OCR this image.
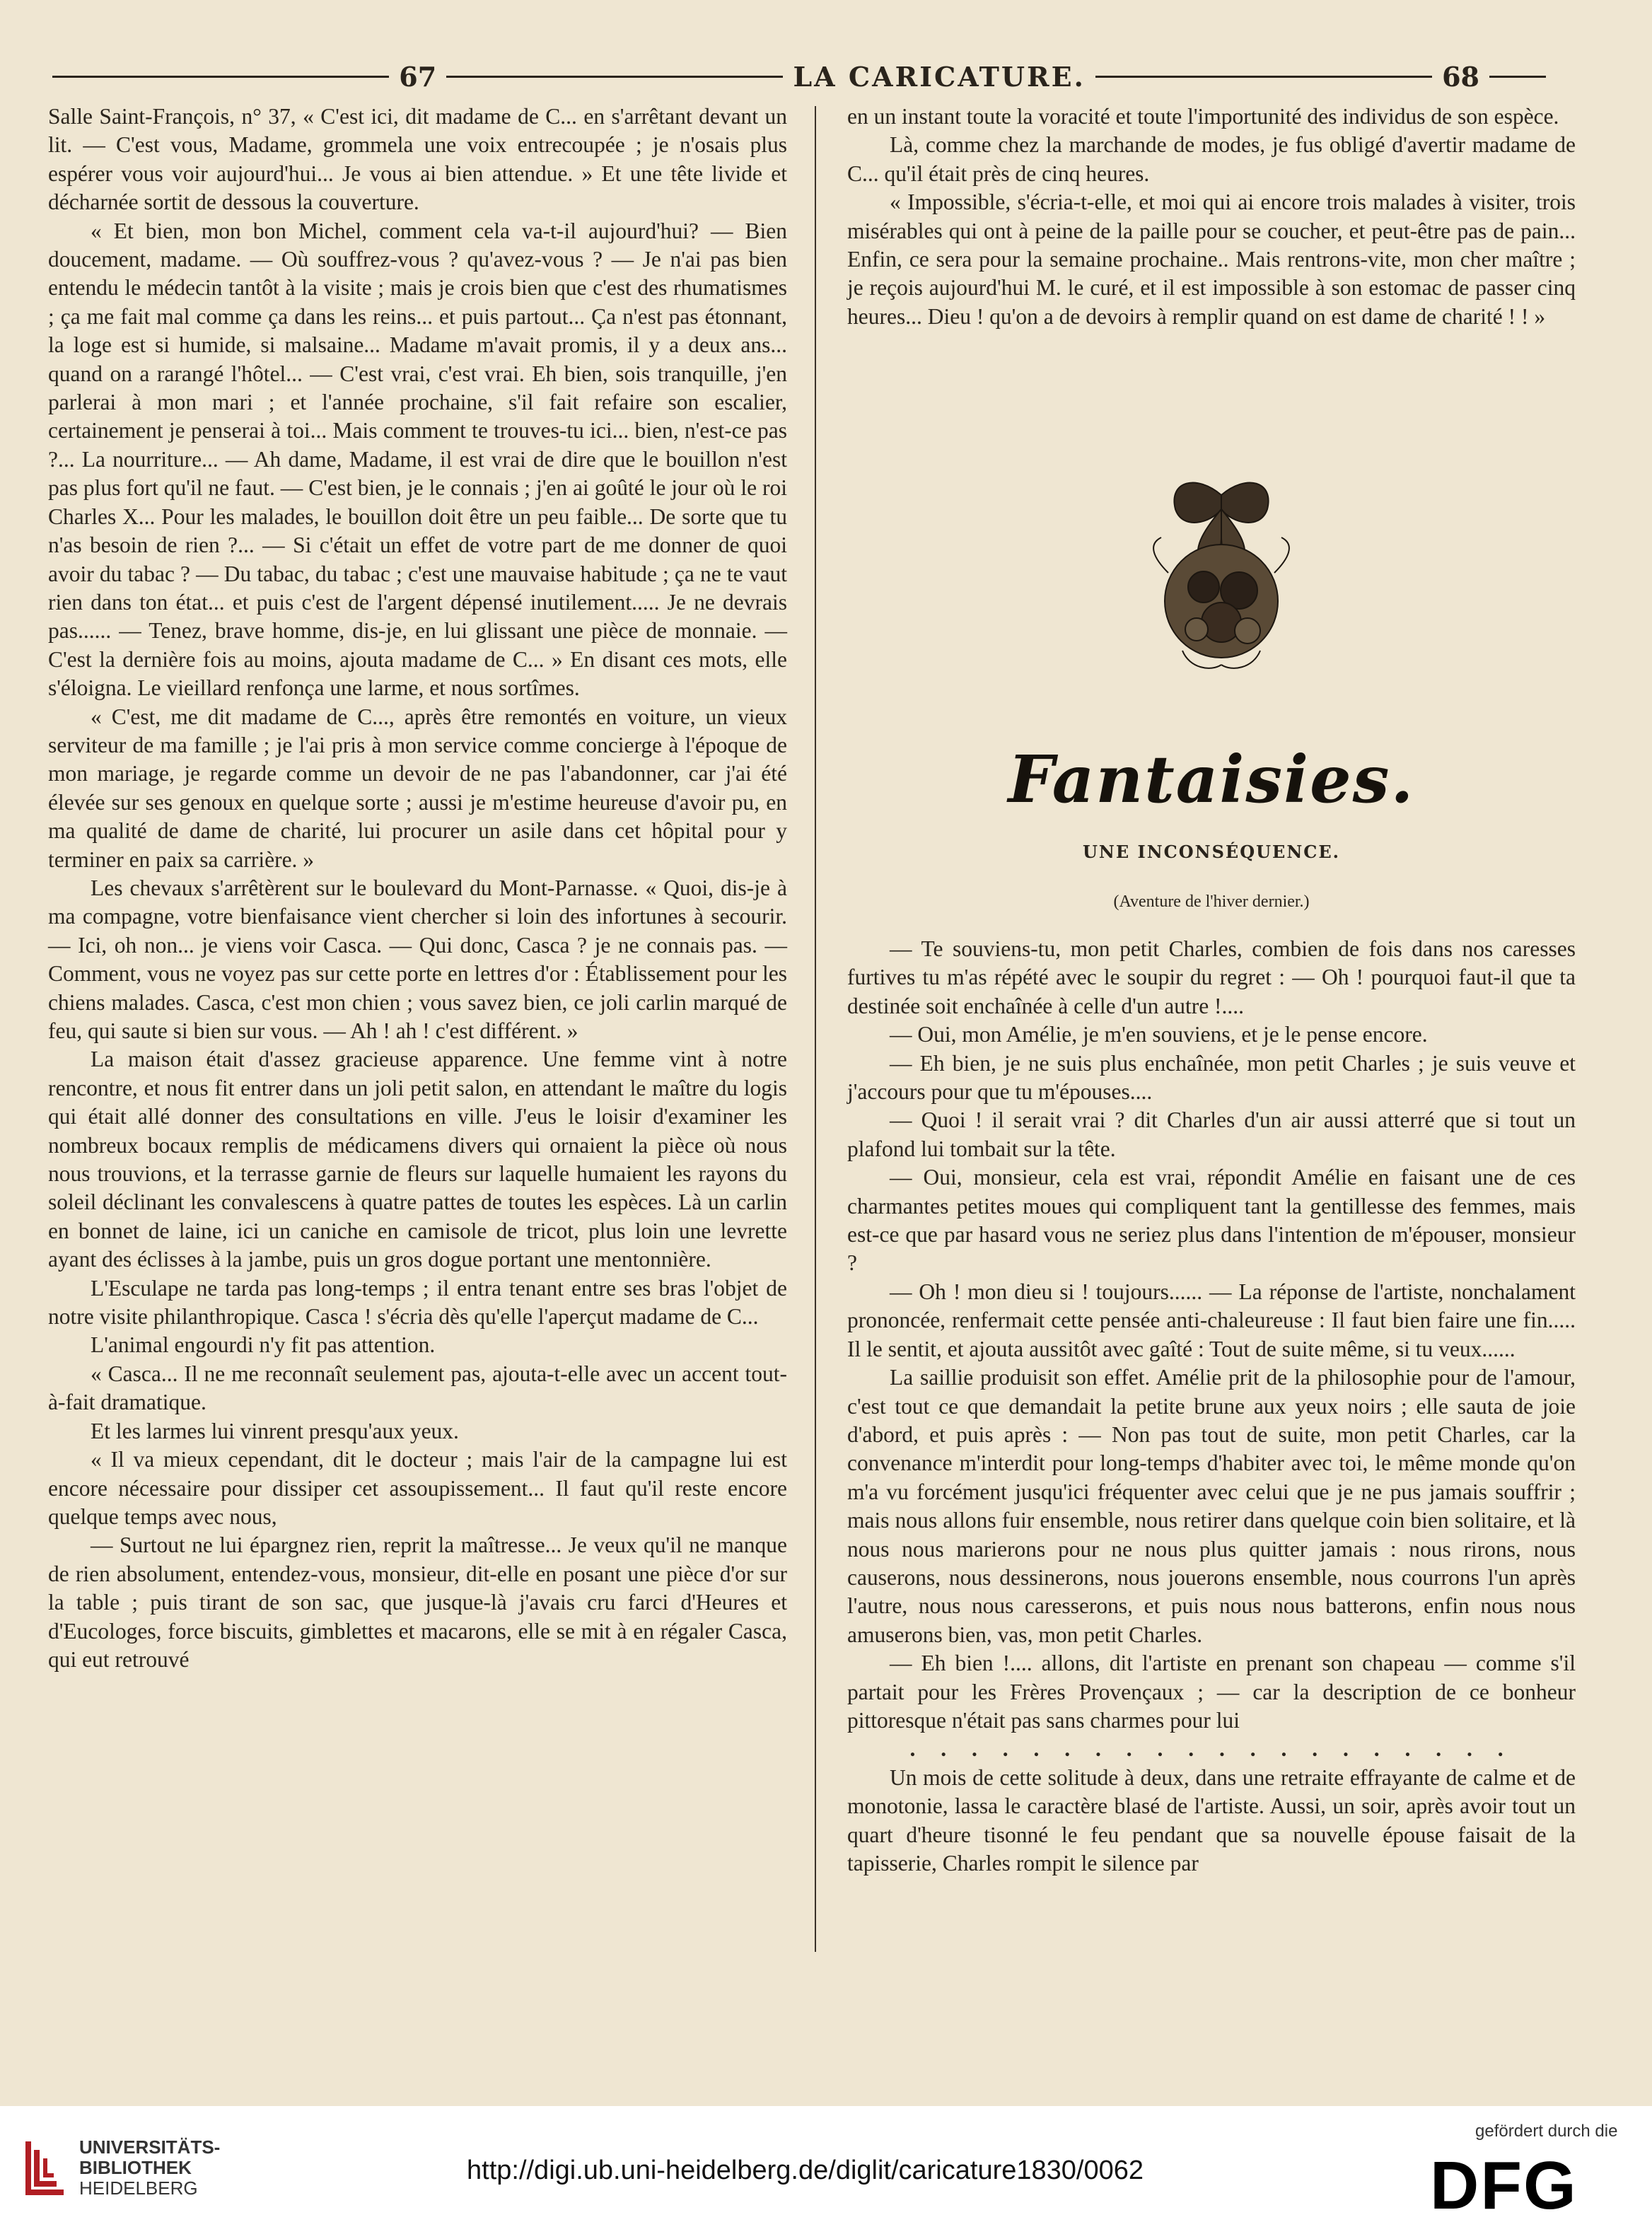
67	LA CARICATURE.	68

Salle Saint-François, n° 37, « C'est ici, dit madame de C... en s'arrêtant devant un lit. — C'est vous, Madame, grommela une voix entrecoupée ; je n'osais plus espérer vous voir aujourd'hui... Je vous ai bien attendue. » Et une tête livide et décharnée sortit de dessous la couverture.

« Et bien, mon bon Michel, comment cela va-t-il aujourd'hui? — Bien doucement, madame. — Où souffrez-vous ? qu'avez-vous ? — Je n'ai pas bien entendu le médecin tantôt à la visite ; mais je crois bien que c'est des rhumatismes ; ça me fait mal comme ça dans les reins... et puis partout... Ça n'est pas étonnant, la loge est si humide, si malsaine... Madame m'avait promis, il y a deux ans... quand on a rarangé l'hôtel... — C'est vrai, c'est vrai. Eh bien, sois tranquille, j'en parlerai à mon mari ; et l'année prochaine, s'il fait refaire son escalier, certainement je penserai à toi... Mais comment te trouves-tu ici... bien, n'est-ce pas ?... La nourriture... — Ah dame, Madame, il est vrai de dire que le bouillon n'est pas plus fort qu'il ne faut. — C'est bien, je le connais ; j'en ai goûté le jour où le roi Charles X... Pour les malades, le bouillon doit être un peu faible... De sorte que tu n'as besoin de rien ?... — Si c'était un effet de votre part de me donner de quoi avoir du tabac ? — Du tabac, du tabac ; c'est une mauvaise habitude ; ça ne te vaut rien dans ton état... et puis c'est de l'argent dépensé inutilement..... Je ne devrais pas...... — Tenez, brave homme, dis-je, en lui glissant une pièce de monnaie. — C'est la dernière fois au moins, ajouta madame de C... » En disant ces mots, elle s'éloigna. Le vieillard renfonça une larme, et nous sortîmes.

« C'est, me dit madame de C..., après être remontés en voiture, un vieux serviteur de ma famille ; je l'ai pris à mon service comme concierge à l'époque de mon mariage, je regarde comme un devoir de ne pas l'abandonner, car j'ai été élevée sur ses genoux en quelque sorte ; aussi je m'estime heureuse d'avoir pu, en ma qualité de dame de charité, lui procurer un asile dans cet hôpital pour y terminer en paix sa carrière. »

Les chevaux s'arrêtèrent sur le boulevard du Mont-Parnasse. « Quoi, dis-je à ma compagne, votre bienfaisance vient chercher si loin des infortunes à secourir. — Ici, oh non... je viens voir Casca. — Qui donc, Casca ? je ne connais pas. — Comment, vous ne voyez pas sur cette porte en lettres d'or : Établissement pour les chiens malades. Casca, c'est mon chien ; vous savez bien, ce joli carlin marqué de feu, qui saute si bien sur vous. — Ah ! ah ! c'est différent. »

La maison était d'assez gracieuse apparence. Une femme vint à notre rencontre, et nous fit entrer dans un joli petit salon, en attendant le maître du logis qui était allé donner des consultations en ville. J'eus le loisir d'examiner les nombreux bocaux remplis de médicamens divers qui ornaient la pièce où nous nous trouvions, et la terrasse garnie de fleurs sur laquelle humaient les rayons du soleil déclinant les convalescens à quatre pattes de toutes les espèces. Là un carlin en bonnet de laine, ici un caniche en camisole de tricot, plus loin une levrette ayant des éclisses à la jambe, puis un gros dogue portant une mentonnière.

L'Esculape ne tarda pas long-temps ; il entra tenant entre ses bras l'objet de notre visite philanthropique. Casca ! s'écria dès qu'elle l'aperçut madame de C...

L'animal engourdi n'y fit pas attention.

« Casca... Il ne me reconnaît seulement pas, ajouta-t-elle avec un accent tout-à-fait dramatique.

Et les larmes lui vinrent presqu'aux yeux.

« Il va mieux cependant, dit le docteur ; mais l'air de la campagne lui est encore nécessaire pour dissiper cet assoupissement... Il faut qu'il reste encore quelque temps avec nous,

— Surtout ne lui épargnez rien, reprit la maîtresse... Je veux qu'il ne manque de rien absolument, entendez-vous, monsieur, dit-elle en posant une pièce d'or sur la table ; puis tirant de son sac, que jusque-là j'avais cru farci d'Heures et d'Eucologes, force biscuits, gimblettes et macarons, elle se mit à en régaler Casca, qui eut retrouvé

en un instant toute la voracité et toute l'importunité des individus de son espèce.

Là, comme chez la marchande de modes, je fus obligé d'avertir madame de C... qu'il était près de cinq heures.

« Impossible, s'écria-t-elle, et moi qui ai encore trois malades à visiter, trois misérables qui ont à peine de la paille pour se coucher, et peut-être pas de pain... Enfin, ce sera pour la semaine prochaine.. Mais rentrons-vite, mon cher maître ; je reçois aujourd'hui M. le curé, et il est impossible à son estomac de passer cinq heures... Dieu ! qu'on a de devoirs à remplir quand on est dame de charité ! ! »

Fantaisies.
UNE INCONSÉQUENCE.
(Aventure de l'hiver dernier.)

— Te souviens-tu, mon petit Charles, combien de fois dans nos caresses furtives tu m'as répété avec le soupir du regret : — Oh ! pourquoi faut-il que ta destinée soit enchaînée à celle d'un autre !....

— Oui, mon Amélie, je m'en souviens, et je le pense encore.

— Eh bien, je ne suis plus enchaînée, mon petit Charles ; je suis veuve et j'accours pour que tu m'épouses....

— Quoi ! il serait vrai ? dit Charles d'un air aussi atterré que si tout un plafond lui tombait sur la tête.

— Oui, monsieur, cela est vrai, répondit Amélie en faisant une de ces charmantes petites moues qui compliquent tant la gentillesse des femmes, mais est-ce que par hasard vous ne seriez plus dans l'intention de m'épouser, monsieur ?

— Oh ! mon dieu si ! toujours...... — La réponse de l'artiste, nonchalament prononcée, renfermait cette pensée anti-chaleureuse : Il faut bien faire une fin..... Il le sentit, et ajouta aussitôt avec gaîté : Tout de suite même, si tu veux......

La saillie produisit son effet. Amélie prit de la philosophie pour de l'amour, c'est tout ce que demandait la petite brune aux yeux noirs ; elle sauta de joie d'abord, et puis après : — Non pas tout de suite, mon petit Charles, car la convenance m'interdit pour long-temps d'habiter avec toi, le même monde qu'on m'a vu forcément jusqu'ici fréquenter avec celui que je ne pus jamais souffrir ; mais nous allons fuir ensemble, nous retirer dans quelque coin bien solitaire, et là nous nous marierons pour ne nous plus quitter jamais : nous rirons, nous causerons, nous dessinerons, nous jouerons ensemble, nous courrons l'un après l'autre, nous nous caresserons, et puis nous nous batterons, enfin nous nous amuserons bien, vas, mon petit Charles.

— Eh bien !.... allons, dit l'artiste en prenant son chapeau — comme s'il partait pour les Frères Provençaux ; — car la description de ce bonheur pittoresque n'était pas sans charmes pour lui

. . . . . . . . . . . . . . . . . . . .

Un mois de cette solitude à deux, dans une retraite effrayante de calme et de monotonie, lassa le caractère blasé de l'artiste. Aussi, un soir, après avoir tout un quart d'heure tisonné le feu pendant que sa nouvelle épouse faisait de la tapisserie, Charles rompit le silence par

UNIVERSITÄTS-
BIBLIOTHEK
HEIDELBERG
http://digi.ub.uni-heidelberg.de/diglit/caricature1830/0062
gefördert durch die
DFG
